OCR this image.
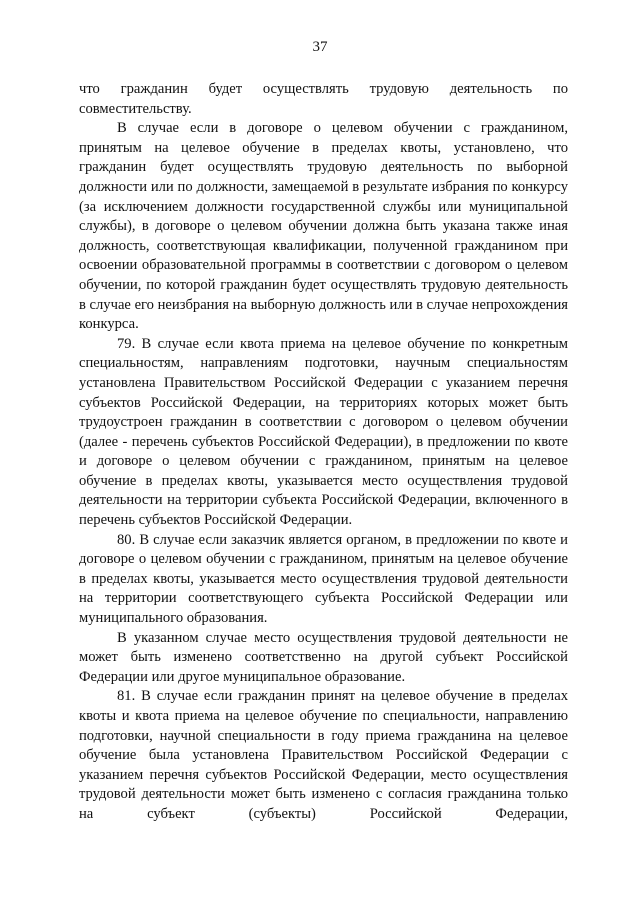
37

что гражданин будет осуществлять трудовую деятельность по совместительству.

В случае если в договоре о целевом обучении с гражданином, принятым на целевое обучение в пределах квоты, установлено, что гражданин будет осуществлять трудовую деятельность по выборной должности или по должности, замещаемой в результате избрания по конкурсу (за исключением должности государственной службы или муниципальной службы), в договоре о целевом обучении должна быть указана также иная должность, соответствующая квалификации, полученной гражданином при освоении образовательной программы в соответствии с договором о целевом обучении, по которой гражданин будет осуществлять трудовую деятельность в случае его неизбрания на выборную должность или в случае непрохождения конкурса.

79. В случае если квота приема на целевое обучение по конкретным специальностям, направлениям подготовки, научным специальностям установлена Правительством Российской Федерации с указанием перечня субъектов Российской Федерации, на территориях которых может быть трудоустроен гражданин в соответствии с договором о целевом обучении (далее - перечень субъектов Российской Федерации), в предложении по квоте и договоре о целевом обучении с гражданином, принятым на целевое обучение в пределах квоты, указывается место осуществления трудовой деятельности на территории субъекта Российской Федерации, включенного в перечень субъектов Российской Федерации.

80. В случае если заказчик является органом, в предложении по квоте и договоре о целевом обучении с гражданином, принятым на целевое обучение в пределах квоты, указывается место осуществления трудовой деятельности на территории соответствующего субъекта Российской Федерации или муниципального образования.

В указанном случае место осуществления трудовой деятельности не может быть изменено соответственно на другой субъект Российской Федерации или другое муниципальное образование.

81. В случае если гражданин принят на целевое обучение в пределах квоты и квота приема на целевое обучение по специальности, направлению подготовки, научной специальности в году приема гражданина на целевое обучение была установлена Правительством Российской Федерации с указанием перечня субъектов Российской Федерации, место осуществления трудовой деятельности может быть изменено с согласия гражданина только на субъект (субъекты) Российской Федерации,
